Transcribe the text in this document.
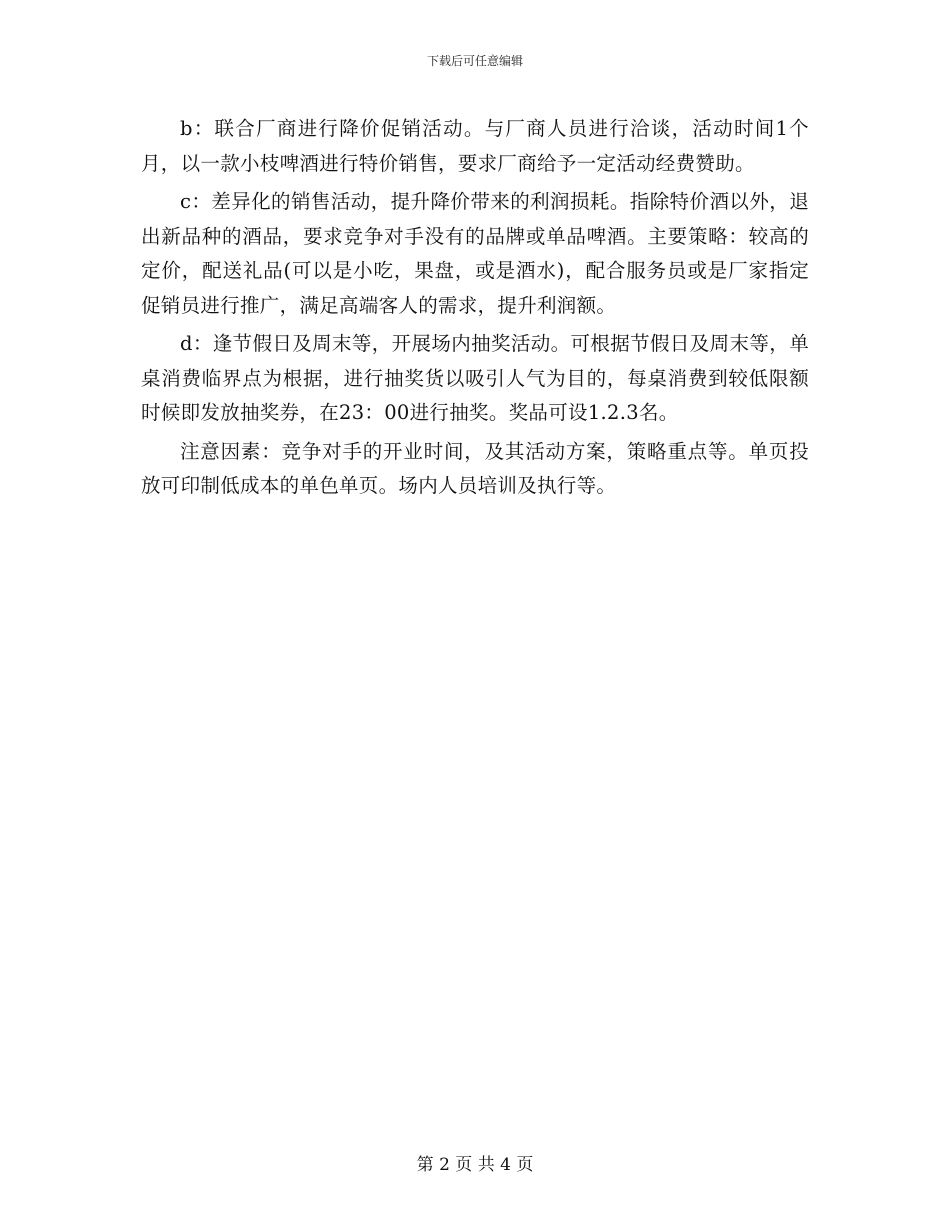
下载后可任意编辑

b：联合厂商进行降价促销活动。与厂商人员进行洽谈，活动时间1个月，以一款小枝啤酒进行特价销售，要求厂商给予一定活动经费赞助。

c：差异化的销售活动，提升降价带来的利润损耗。指除特价酒以外，退出新品种的酒品，要求竞争对手没有的品牌或单品啤酒。主要策略：较高的定价，配送礼品(可以是小吃，果盘，或是酒水)，配合服务员或是厂家指定促销员进行推广，满足高端客人的需求，提升利润额。

d：逢节假日及周末等，开展场内抽奖活动。可根据节假日及周末等，单桌消费临界点为根据，进行抽奖货以吸引人气为目的，每桌消费到较低限额时候即发放抽奖券，在23：00进行抽奖。奖品可设1.2.3名。

注意因素：竞争对手的开业时间，及其活动方案，策略重点等。单页投放可印制低成本的单色单页。场内人员培训及执行等。

第 2 页 共 4 页
